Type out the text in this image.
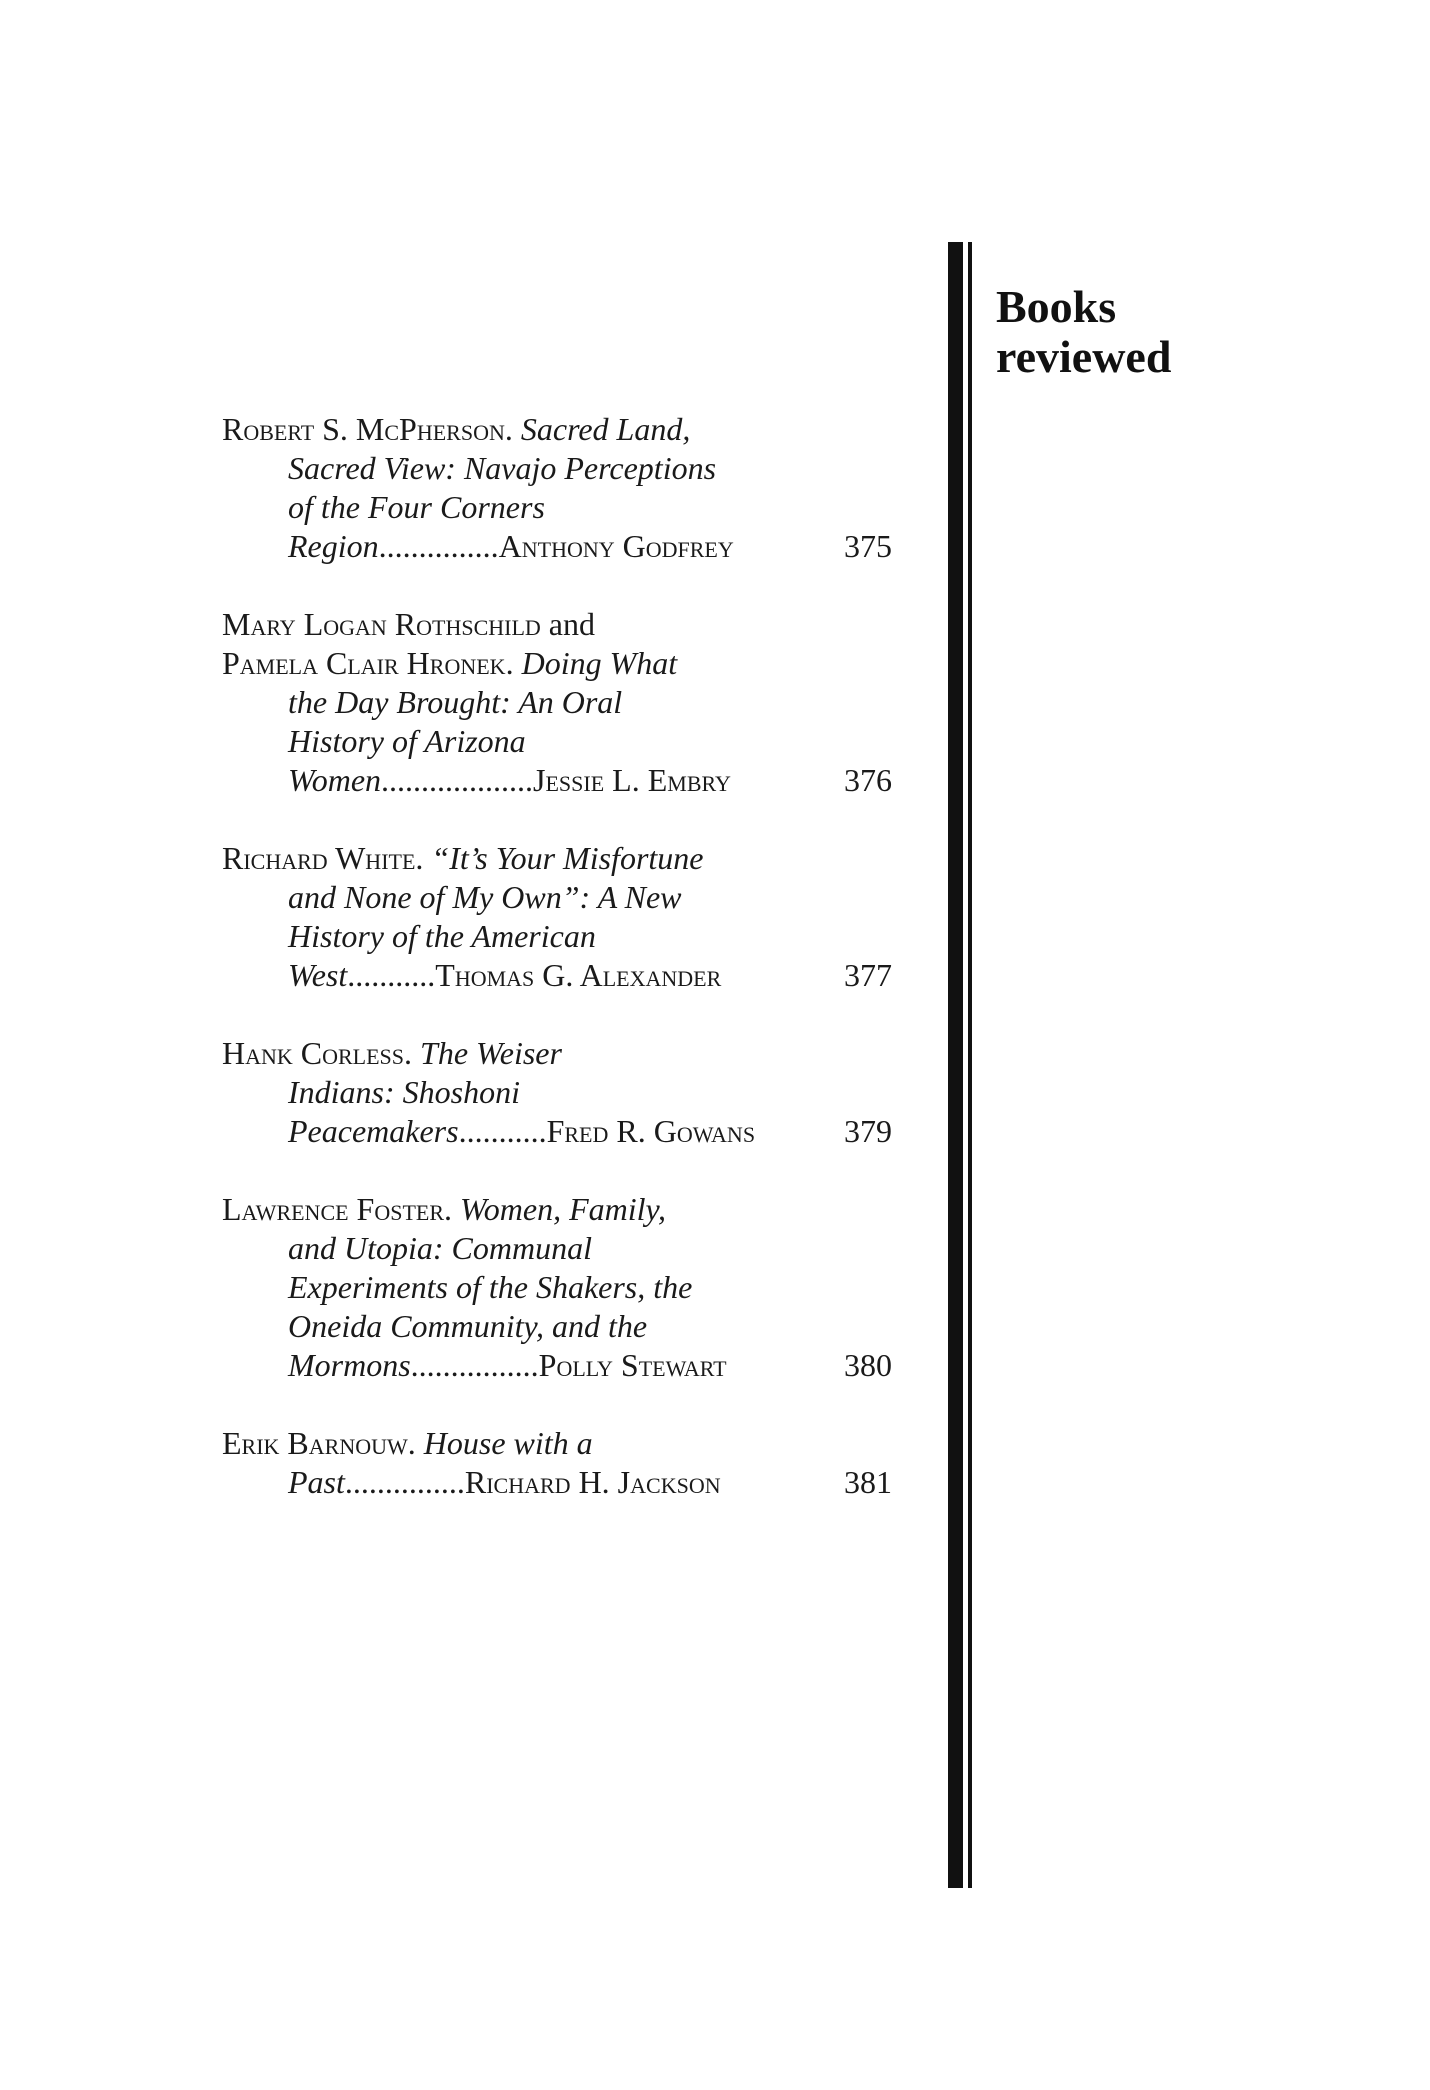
Books
reviewed
Robert S. McPherson. Sacred Land,
Sacred View: Navajo Perceptions
of the Four Corners
Region...............Anthony Godfrey	375
Mary Logan Rothschild and
Pamela Clair Hronek. Doing What
the Day Brought: An Oral
History of Arizona
Women...................Jessie L. Embry	376
Richard White. “It’s Your Misfortune
and None of My Own”: A New
History of the American
West...........Thomas G. Alexander	377
Hank Corless. The Weiser
Indians: Shoshoni
Peacemakers...........Fred R. Gowans	379
Lawrence Foster. Women, Family,
and Utopia: Communal
Experiments of the Shakers, the
Oneida Community, and the
Mormons................Polly Stewart	380
Erik Barnouw. House with a
Past...............Richard H. Jackson	381
